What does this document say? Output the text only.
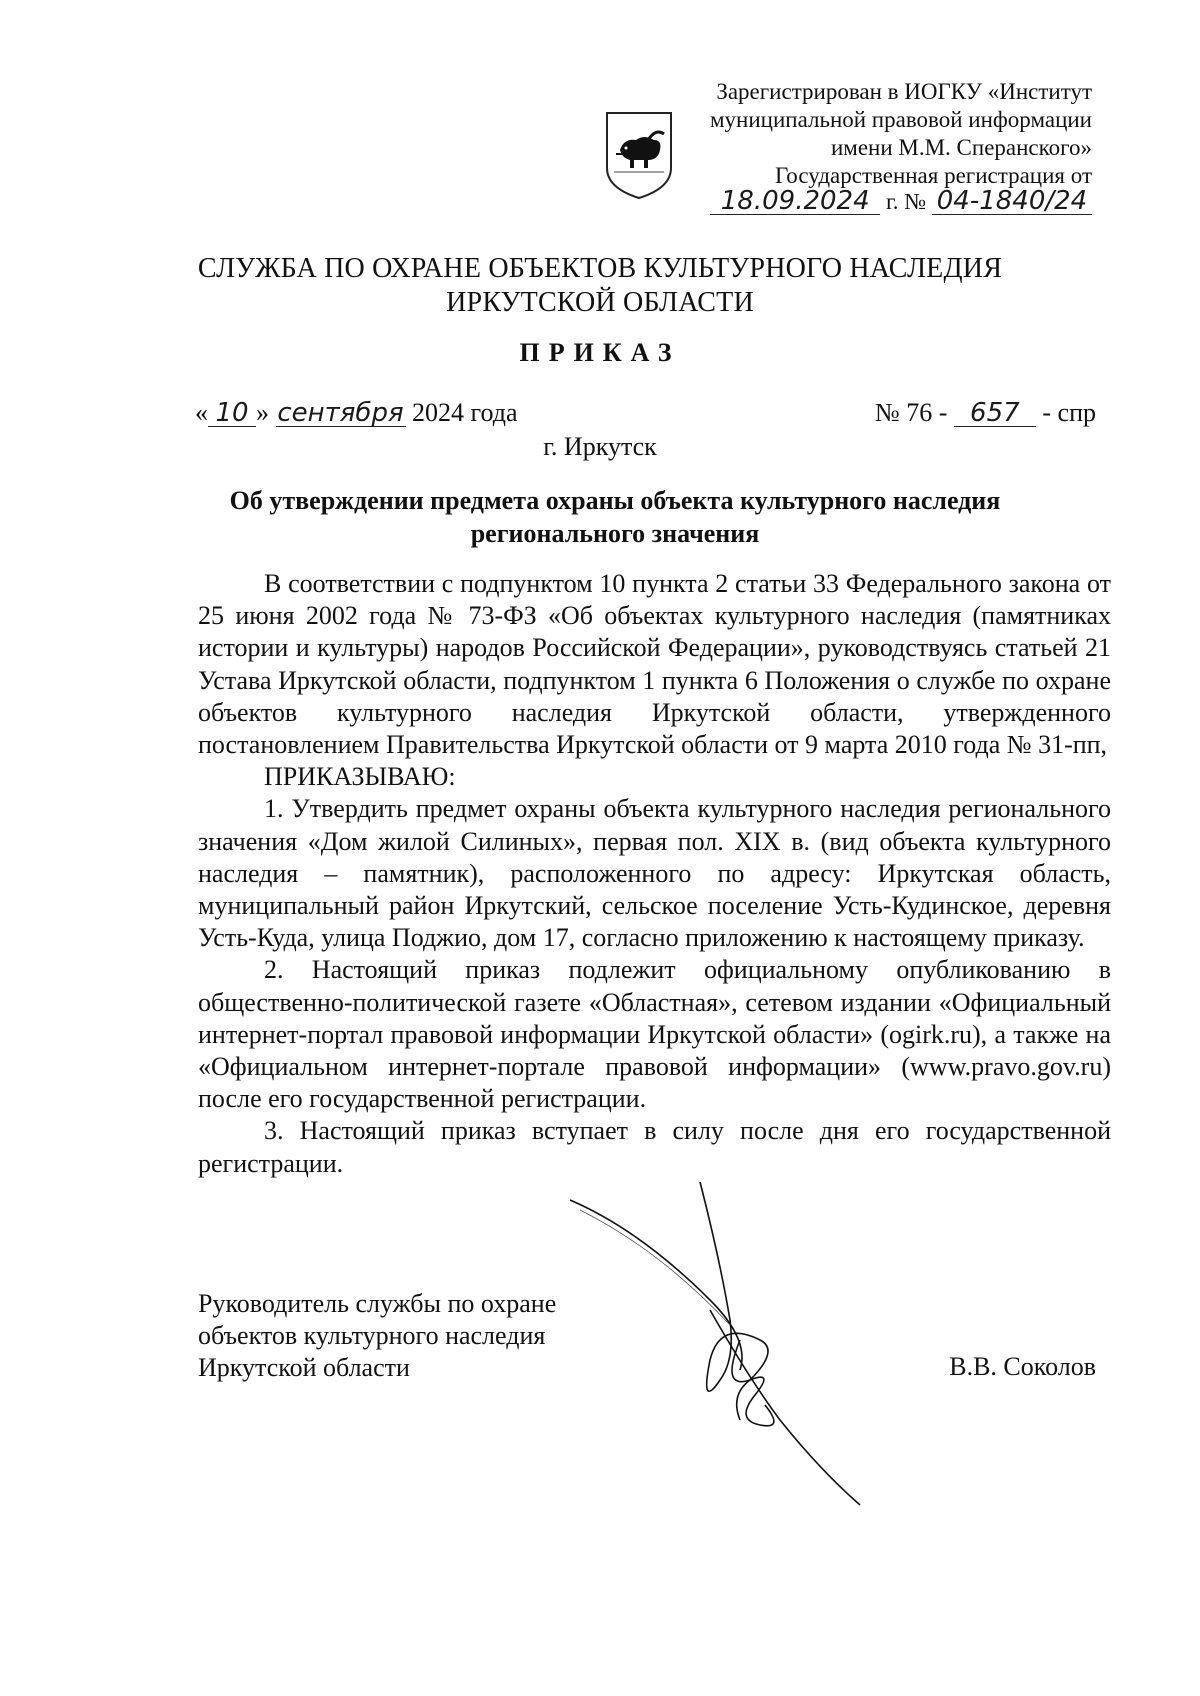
Зарегистрирован в ИОГКУ «Институт
муниципальной правовой информации
имени М.М. Сперанского»
Государственная регистрация от
18.09.2024 г. № 04-1840/24
СЛУЖБА ПО ОХРАНЕ ОБЪЕКТОВ КУЛЬТУРНОГО НАСЛЕДИЯ
ИРКУТСКОЙ ОБЛАСТИ
ПРИКАЗ
« 10 » сентября 2024 года	№ 76 - 657 - спр
г. Иркутск
Об утверждении предмета охраны объекта культурного наследия
регионального значения

В соответствии с подпунктом 10 пункта 2 статьи 33 Федерального закона от 25 июня 2002 года № 73-ФЗ «Об объектах культурного наследия (памятниках истории и культуры) народов Российской Федерации», руководствуясь статьей 21 Устава Иркутской области, подпунктом 1 пункта 6 Положения о службе по охране объектов культурного наследия Иркутской области, утвержденного постановлением Правительства Иркутской области от 9 марта 2010 года № 31-пп,

ПРИКАЗЫВАЮ:

1. Утвердить предмет охраны объекта культурного наследия регионального значения «Дом жилой Силиных», первая пол. XIX в. (вид объекта культурного наследия – памятник), расположенного по адресу: Иркутская область, муниципальный район Иркутский, сельское поселение Усть-Кудинское, деревня Усть-Куда, улица Поджио, дом 17, согласно приложению к настоящему приказу.

2. Настоящий приказ подлежит официальному опубликованию в общественно-политической газете «Областная», сетевом издании «Официальный интернет-портал правовой информации Иркутской области» (ogirk.ru), а также на «Официальном интернет-портале правовой информации» (www.pravo.gov.ru) после его государственной регистрации.

3. Настоящий приказ вступает в силу после дня его государственной регистрации.

Руководитель службы по охране
объектов культурного наследия
Иркутской области	В.В. Соколов
